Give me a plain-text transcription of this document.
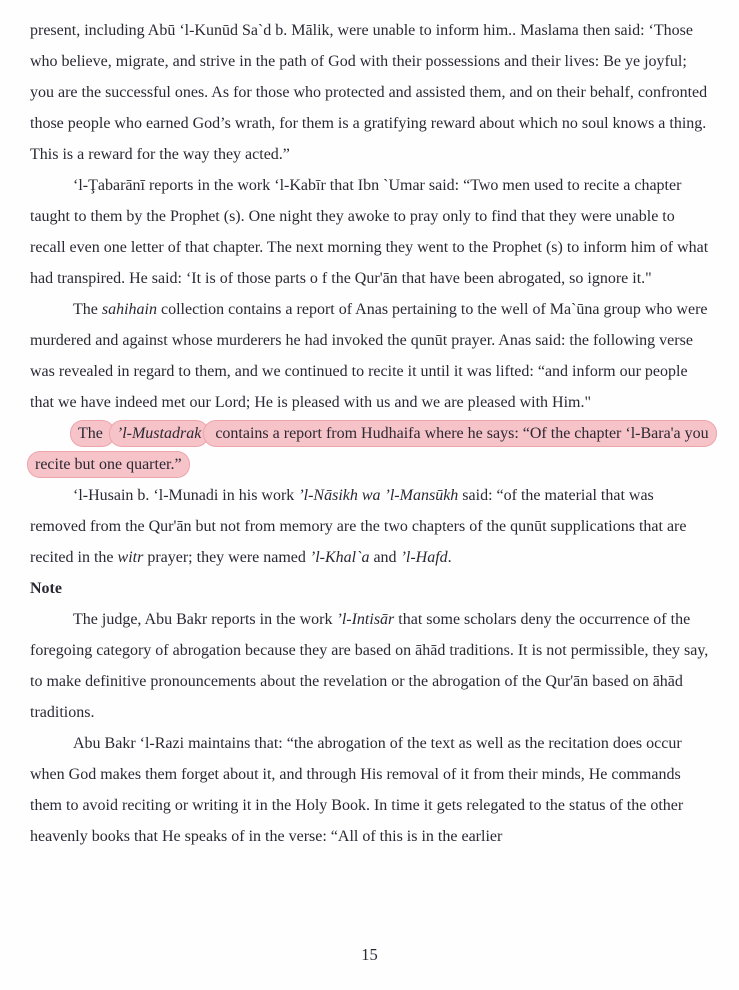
present, including Abū ‘l-Kunūd Sa`d b. Mālik, were unable to inform him.. Maslama then said: ‘Those who believe, migrate, and strive in the path of God with their possessions and their lives: Be ye joyful; you are the successful ones. As for those who protected and assisted them, and on their behalf, confronted those people who earned God’s wrath, for them is a gratifying reward about which no soul knows a thing. This is a reward for the way they acted.”

‘l-Ţabarānī reports in the work ‘l-Kabīr that Ibn `Umar said: “Two men used to recite a chapter taught to them by the Prophet (s). One night they awoke to pray only to find that they were unable to recall even one letter of that chapter. The next morning they went to the Prophet (s) to inform him of what had transpired. He said: ‘It is of those parts o f the Qur'ān that have been abrogated, so ignore it."

The sahihain collection contains a report of Anas pertaining to the well of Ma`ūna group who were murdered and against whose murderers he had invoked the qunūt prayer. Anas said: the following verse was revealed in regard to them, and we continued to recite it until it was lifted: “and inform our people that we have indeed met our Lord; He is pleased with us and we are pleased with Him."

The ’l-Mustadrak contains a report from Hudhaifa where he says: “Of the chapter ‘l-Bara'a you recite but one quarter.”

‘l-Husain b. ‘l-Munadi in his work ’l-Nāsikh wa ’l-Mansūkh said: “of the material that was removed from the Qur'ān but not from memory are the two chapters of the qunūt supplications that are recited in the witr prayer; they were named ’l-Khal`a and ’l-Hafd.

Note

The judge, Abu Bakr reports in the work ’l-Intisār that some scholars deny the occurrence of the foregoing category of abrogation because they are based on āhād traditions. It is not permissible, they say, to make definitive pronouncements about the revelation or the abrogation of the Qur'ān based on āhād traditions.

Abu Bakr ‘l-Razi maintains that: “the abrogation of the text as well as the recitation does occur when God makes them forget about it, and through His removal of it from their minds, He commands them to avoid reciting or writing it in the Holy Book. In time it gets relegated to the status of the other heavenly books that He speaks of in the verse: “All of this is in the earlier

15
